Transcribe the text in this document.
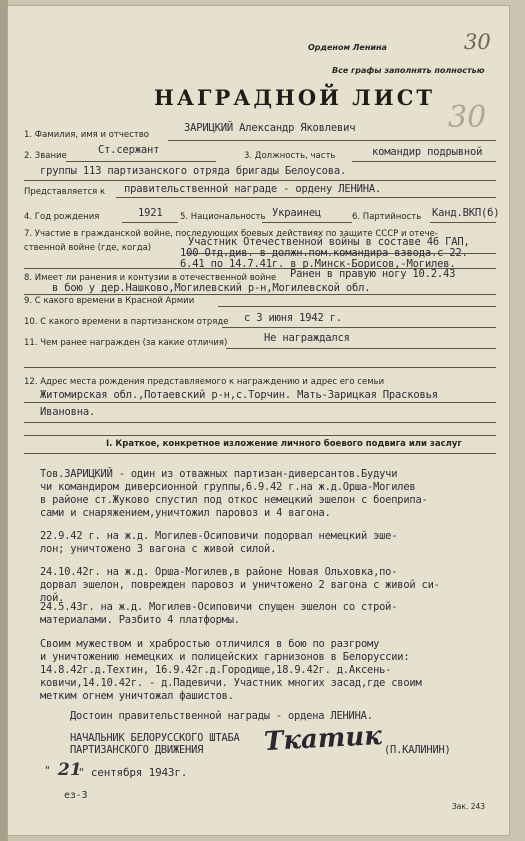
30
30
Орденом Ленина
Все графы заполнять полностью
НАГРАДНОЙ ЛИСТ
1. Фамилия, имя и отчество
ЗАРИЦКИЙ Александр Яковлевич
2. Звание	Ст.сержант	3. Должность, часть	командир подрывной
группы 113 партизанского отряда бригады Белоусова.
Представляется к правительственной награде - ордену ЛЕНИНА.
4. Год рождения	1921 5. Национальность Украинец	6. Партийность Канд.ВКП(б)
7. Участие в гражданской войне, последующих боевых действиях по защите СССР и отече-
ственной войне (где, когда)	Участник Отечественной войны в составе 46 ГАП,
100 Отд.див. в должн.пом.командира взвода.с 22.
6.41 по 14.7.41г. в р.Минск-Борисов,-Могилев.
8. Имеет ли ранения и контузии в отечественной войне Ранен в правую ногу 10.2.43
в бою у дер.Нашково,Могилевский р-н,Могилевской обл.
9. С какого времени в Красной Армии
10. С какого времени в партизанском отряде с 3 июня 1942 г.
11. Чем ранее награжден (за какие отличия)	Не награждался
12. Адрес места рождения представляемого к награждению и адрес его семьи
Житомирская обл.,Потаевский р-н,с.Торчин. Мать-Зарицкая Прасковья
Ивановна.
I. Краткое, конкретное изложение личного боевого подвига или заслуг
Тов.ЗАРИЦКИЙ - один из отважных партизан-диверсантов.Будучи
чи командиром диверсионной группы,6.9.42 г.на ж.д.Орша-Могилев
в районе ст.Жуково спустил под откос немецкий эшелон с боеприпа-
сами и снаряжением,уничтожил паровоз и 4 вагона.
22.9.42 г. на ж.д. Могилев-Осиповичи подорвал немецкий эше-
лон; уничтожено 3 вагона с живой силой.
24.10.42г. на ж.д. Орша-Могилев,в районе Новая Ольховка,по-
дорвал эшелон, поврежден паровоз и уничтожено 2 вагона с живой си-
лой.
24.5.43г. на ж.д. Могилев-Осиповичи спущен эшелон со строй-
материалами. Разбито 4 платформы.
Своим мужеством и храбростью отличился в бою по разгрому
и уничтожению немецких и полицейских гарнизонов в Белоруссии:
14.8.42г.д.Техтин, 16.9.42г.д.Городище,18.9.42г. д.Аксень-
ковичи,14.10.42г. - д.Падевичи. Участник многих засад,где своим
метким огнем уничтожал фашистов.
Достоин правительственной награды - ордена ЛЕНИНА.
НАЧАЛЬНИК БЕЛОРУССКОГО ШТАБА
ПАРТИЗАНСКОГО ДВИЖЕНИЯ	(П.КАЛИНИН)
Ткатик
" 21
" сентября 1943г.
ез-3
Зак. 243
